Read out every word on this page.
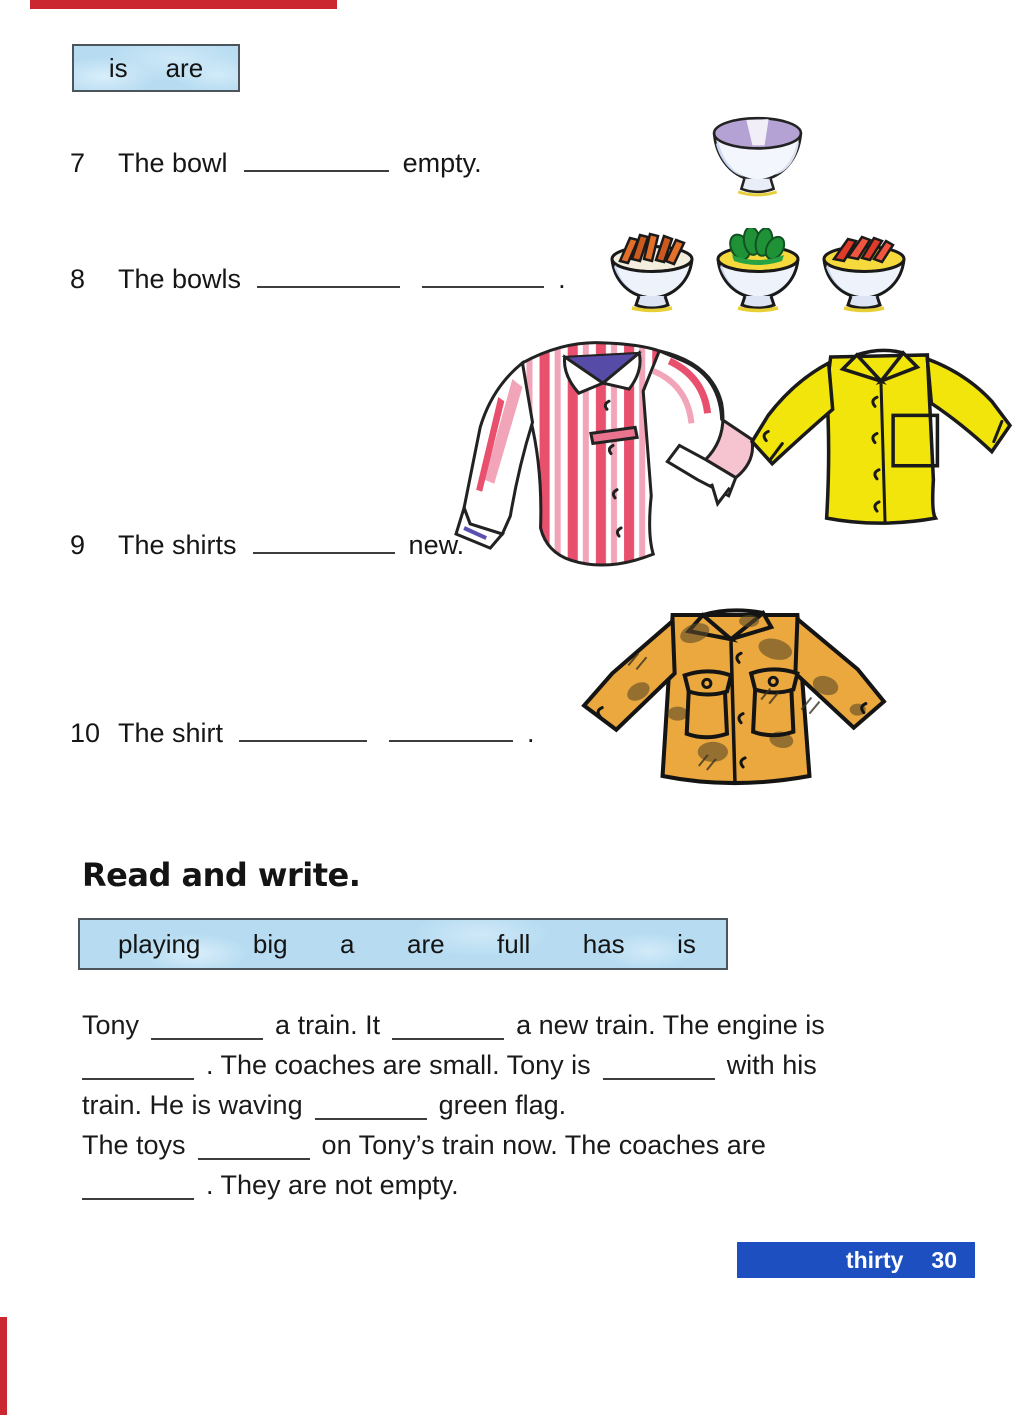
is are
7	The bowl	empty.
8	The bowls	.
9	The shirts	new.
10 The shirt	.
Read and write.
playing big a are full has is
Tony	a train. It	a new train. The engine is
. The coaches are small. Tony is	with his
train. He is waving	green flag.
The toys	on Tony’s train now. The coaches are
. They are not empty.
thirty 30
